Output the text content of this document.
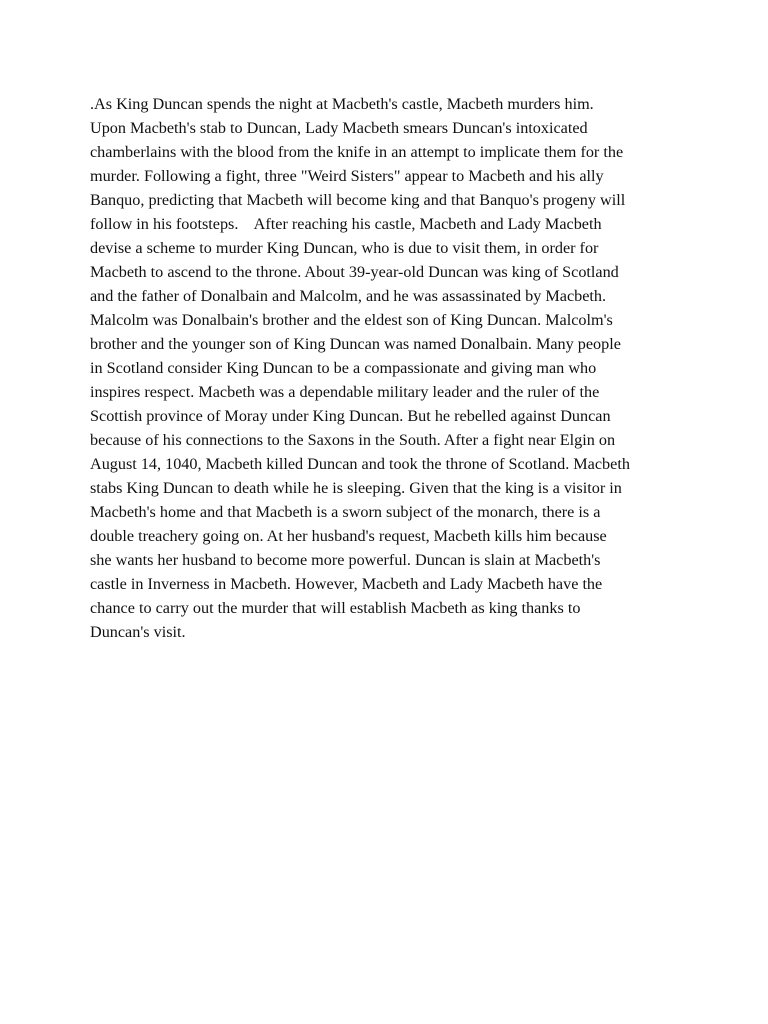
.As King Duncan spends the night at Macbeth's castle, Macbeth murders him.
Upon Macbeth's stab to Duncan, Lady Macbeth smears Duncan's intoxicated
chamberlains with the blood from the knife in an attempt to implicate them for the
murder. Following a fight, three "Weird Sisters" appear to Macbeth and his ally
Banquo, predicting that Macbeth will become king and that Banquo's progeny will
follow in his footsteps.    After reaching his castle, Macbeth and Lady Macbeth
devise a scheme to murder King Duncan, who is due to visit them, in order for
Macbeth to ascend to the throne. About 39-year-old Duncan was king of Scotland
and the father of Donalbain and Malcolm, and he was assassinated by Macbeth.
Malcolm was Donalbain's brother and the eldest son of King Duncan. Malcolm's
brother and the younger son of King Duncan was named Donalbain. Many people
in Scotland consider King Duncan to be a compassionate and giving man who
inspires respect. Macbeth was a dependable military leader and the ruler of the
Scottish province of Moray under King Duncan. But he rebelled against Duncan
because of his connections to the Saxons in the South. After a fight near Elgin on
August 14, 1040, Macbeth killed Duncan and took the throne of Scotland. Macbeth
stabs King Duncan to death while he is sleeping. Given that the king is a visitor in
Macbeth's home and that Macbeth is a sworn subject of the monarch, there is a
double treachery going on. At her husband's request, Macbeth kills him because
she wants her husband to become more powerful. Duncan is slain at Macbeth's
castle in Inverness in Macbeth. However, Macbeth and Lady Macbeth have the
chance to carry out the murder that will establish Macbeth as king thanks to
Duncan's visit.
